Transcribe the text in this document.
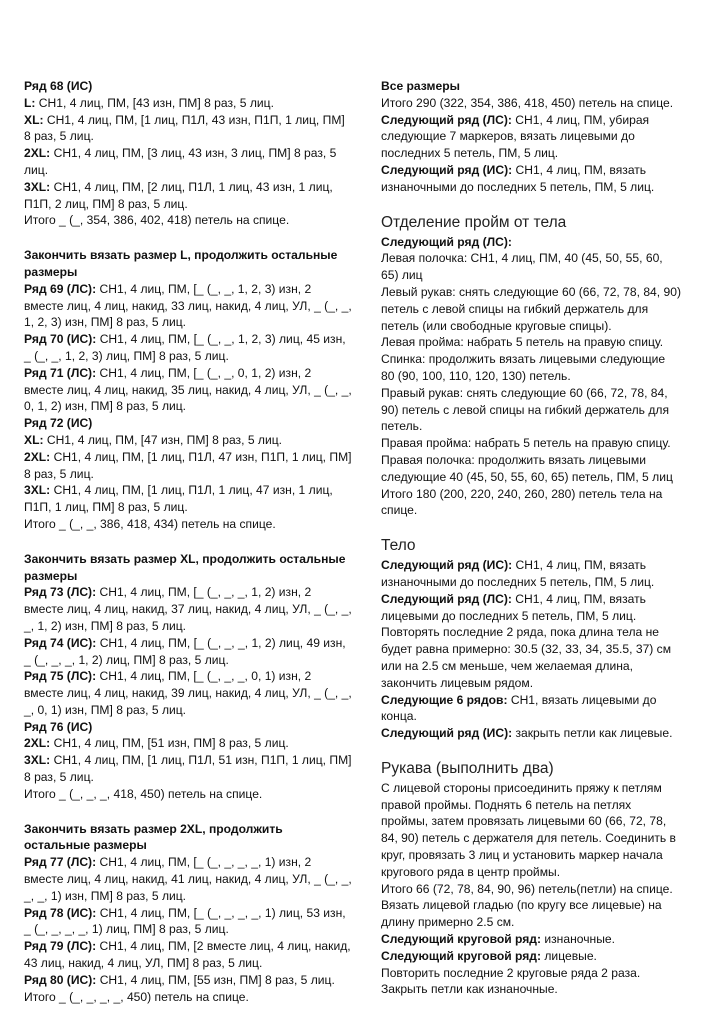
Ряд 68 (ИС)

L: СН1, 4 лиц, ПМ, [43 изн, ПМ] 8 раз, 5 лиц.

XL: СН1, 4 лиц, ПМ, [1 лиц, П1Л, 43 изн, П1П, 1 лиц, ПМ] 8 раз, 5 лиц.

2XL: СН1, 4 лиц, ПМ, [3 лиц, 43 изн, 3 лиц, ПМ] 8 раз, 5 лиц.

3XL: СН1, 4 лиц, ПМ, [2 лиц, П1Л, 1 лиц, 43 изн, 1 лиц, П1П, 2 лиц, ПМ] 8 раз, 5 лиц.

Итого _ (_, 354, 386, 402, 418) петель на спице.

Закончить вязать размер L, продолжить остальные размеры

Ряд 69 (ЛС): СН1, 4 лиц, ПМ, [_ (_, _, 1, 2, 3) изн, 2 вместе лиц, 4 лиц, накид, 33 лиц, накид, 4 лиц, УЛ, _ (_, _, 1, 2, 3) изн, ПМ] 8 раз, 5 лиц.

Ряд 70 (ИС): СН1, 4 лиц, ПМ, [_ (_, _, 1, 2, 3) лиц, 45 изн, _ (_, _, 1, 2, 3) лиц, ПМ] 8 раз, 5 лиц.

Ряд 71 (ЛС): СН1, 4 лиц, ПМ, [_ (_, _, 0, 1, 2) изн, 2 вместе лиц, 4 лиц, накид, 35 лиц, накид, 4 лиц, УЛ, _ (_, _, 0, 1, 2) изн, ПМ] 8 раз, 5 лиц.

Ряд 72 (ИС)

XL: СН1, 4 лиц, ПМ, [47 изн, ПМ] 8 раз, 5 лиц.

2XL: СН1, 4 лиц, ПМ, [1 лиц, П1Л, 47 изн, П1П, 1 лиц, ПМ] 8 раз, 5 лиц.

3XL: СН1, 4 лиц, ПМ, [1 лиц, П1Л, 1 лиц, 47 изн, 1 лиц, П1П, 1 лиц, ПМ] 8 раз, 5 лиц.

Итого _ (_, _, 386, 418, 434) петель на спице.

Закончить вязать размер XL, продолжить остальные размеры

Ряд 73 (ЛС): СН1, 4 лиц, ПМ, [_ (_, _, _, 1, 2) изн, 2 вместе лиц, 4 лиц, накид, 37 лиц, накид, 4 лиц, УЛ, _ (_, _, _, 1, 2) изн, ПМ] 8 раз, 5 лиц.

Ряд 74 (ИС): СН1, 4 лиц, ПМ, [_ (_, _, _, 1, 2) лиц, 49 изн, _ (_, _, _, 1, 2) лиц, ПМ] 8 раз, 5 лиц.

Ряд 75 (ЛС): СН1, 4 лиц, ПМ, [_ (_, _, _, 0, 1) изн, 2 вместе лиц, 4 лиц, накид, 39 лиц, накид, 4 лиц, УЛ, _ (_, _, _, 0, 1) изн, ПМ] 8 раз, 5 лиц.

Ряд 76 (ИС)

2XL: СН1, 4 лиц, ПМ, [51 изн, ПМ] 8 раз, 5 лиц.

3XL: СН1, 4 лиц, ПМ, [1 лиц, П1Л, 51 изн, П1П, 1 лиц, ПМ] 8 раз, 5 лиц.

Итого _ (_, _, _, 418, 450) петель на спице.

Закончить вязать размер 2XL, продолжить остальные размеры

Ряд 77 (ЛС): СН1, 4 лиц, ПМ, [_ (_, _, _, _, 1) изн, 2 вместе лиц, 4 лиц, накид, 41 лиц, накид, 4 лиц, УЛ, _ (_, _, _, _, 1) изн, ПМ] 8 раз, 5 лиц.

Ряд 78 (ИС): СН1, 4 лиц, ПМ, [_ (_, _, _, _, 1) лиц, 53 изн, _ (_, _, _, _, 1) лиц, ПМ] 8 раз, 5 лиц.

Ряд 79 (ЛС): СН1, 4 лиц, ПМ, [2 вместе лиц, 4 лиц, накид, 43 лиц, накид, 4 лиц, УЛ, ПМ] 8 раз, 5 лиц.

Ряд 80 (ИС): СН1, 4 лиц, ПМ, [55 изн, ПМ] 8 раз, 5 лиц.

Итого _ (_, _, _, _, 450) петель на спице.

Все размеры

Итого 290 (322, 354, 386, 418, 450) петель на спице.

Следующий ряд (ЛС): СН1, 4 лиц, ПМ, убирая следующие 7 маркеров, вязать лицевыми до последних 5 петель, ПМ, 5 лиц.

Следующий ряд (ИС): СН1, 4 лиц, ПМ, вязать изнаночными до последних 5 петель, ПМ, 5 лиц.

Отделение пройм от тела

Следующий ряд (ЛС):

Левая полочка: СН1, 4 лиц, ПМ, 40 (45, 50, 55, 60, 65) лиц

Левый рукав: снять следующие 60 (66, 72, 78, 84, 90) петель с левой спицы на гибкий держатель для петель (или свободные круговые спицы).

Левая пройма: набрать 5 петель на правую спицу.

Спинка: продолжить вязать лицевыми следующие 80 (90, 100, 110, 120, 130) петель.

Правый рукав: снять следующие 60 (66, 72, 78, 84, 90) петель с левой спицы на гибкий держатель для петель.

Правая пройма: набрать 5 петель на правую спицу.

Правая полочка: продолжить вязать лицевыми следующие 40 (45, 50, 55, 60, 65) петель, ПМ, 5 лиц

Итого 180 (200, 220, 240, 260, 280) петель тела на спице.

Тело

Следующий ряд (ИС): СН1, 4 лиц, ПМ, вязать изнаночными до последних 5 петель, ПМ, 5 лиц.

Следующий ряд (ЛС): СН1, 4 лиц, ПМ, вязать лицевыми до последних 5 петель, ПМ, 5 лиц.

Повторять последние 2 ряда, пока длина тела не будет равна примерно: 30.5 (32, 33, 34, 35.5, 37) см или на 2.5 см меньше, чем желаемая длина, закончить лицевым рядом.

Следующие 6 рядов: СН1, вязать лицевыми до конца.

Следующий ряд (ИС): закрыть петли как лицевые.

Рукава (выполнить два)

С лицевой стороны присоединить пряжу к петлям правой проймы. Поднять 6 петель на петлях проймы, затем провязать лицевыми 60 (66, 72, 78, 84, 90) петель с держателя для петель. Соединить в круг, провязать 3 лиц и установить маркер начала кругового ряда в центр проймы.

Итого 66 (72, 78, 84, 90, 96) петель(петли) на спице.

Вязать лицевой гладью (по кругу все лицевые) на длину примерно 2.5 см.

Следующий круговой ряд: изнаночные.

Следующий круговой ряд: лицевые.

Повторить последние 2 круговые ряда 2 раза.

Закрыть петли как изнаночные.
